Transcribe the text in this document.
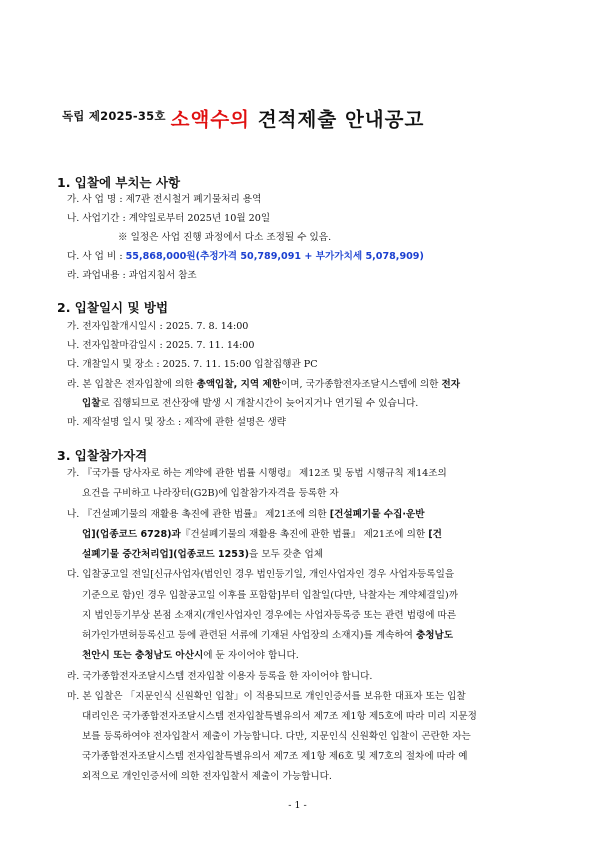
독립 제2025-35호 소액수의 견적제출 안내공고
1. 입찰에 부치는 사항
가. 사 업 명 : 제7관 전시철거 폐기물처리 용역
나. 사업기간 : 계약일로부터 2025년 10월 20일
※ 일정은 사업 진행 과정에서 다소 조정될 수 있음.
다. 사 업 비 : 55,868,000원(추정가격 50,789,091 + 부가가치세 5,078,909)
라. 과업내용 : 과업지침서 참조
2. 입찰일시 및 방법
가. 전자입찰개시일시 : 2025. 7. 8. 14:00
나. 전자입찰마감일시 : 2025. 7. 11. 14:00
다. 개찰일시 및 장소 : 2025. 7. 11. 15:00 입찰집행관 PC
라. 본 입찰은 전자입찰에 의한 총액입찰, 지역 제한이며, 국가종합전자조달시스템에 의한 전자
입찰로 집행되므로 전산장애 발생 시 개찰시간이 늦어지거나 연기될 수 있습니다.
마. 제작설명 일시 및 장소 : 제작에 관한 설명은 생략
3. 입찰참가자격
가. 『국가를 당사자로 하는 계약에 관한 법률 시행령』 제12조 및 동법 시행규칙 제14조의
요건을 구비하고 나라장터(G2B)에 입찰참가자격을 등록한 자
나. 『건설폐기물의 재활용 촉진에 관한 법률』 제21조에 의한 [건설폐기물 수집·운반
업](업종코드 6728)과『건설폐기물의 재활용 촉진에 관한 법률』 제21조에 의한 [건
설폐기물 중간처리업](업종코드 1253)을 모두 갖춘 업체
다. 입찰공고일 전일[신규사업자(법인인 경우 법인등기일, 개인사업자인 경우 사업자등록일을
기준으로 함)인 경우 입찰공고일 이후를 포함함]부터 입찰일(다만, 낙찰자는 계약체결일)까
지 법인등기부상 본점 소재지(개인사업자인 경우에는 사업자등록증 또는 관련 법령에 따른
허가인가면허등록신고 등에 관련된 서류에 기재된 사업장의 소재지)를 계속하여 충청남도
천안시 또는 충청남도 아산시에 둔 자이어야 합니다.
라. 국가종합전자조달시스템 전자입찰 이용자 등록을 한 자이어야 합니다.
마. 본 입찰은 「지문인식 신원확인 입찰」이 적용되므로 개인인증서를 보유한 대표자 또는 입찰
대리인은 국가종합전자조달시스템 전자입찰특별유의서 제7조 제1항 제5호에 따라 미리 지문정
보를 등록하여야 전자입찰서 제출이 가능합니다. 다만, 지문인식 신원확인 입찰이 곤란한 자는
국가종합전자조달시스템 전자입찰특별유의서 제7조 제1항 제6호 및 제7호의 절차에 따라 예
외적으로 개인인증서에 의한 전자입찰서 제출이 가능합니다.
- 1 -
